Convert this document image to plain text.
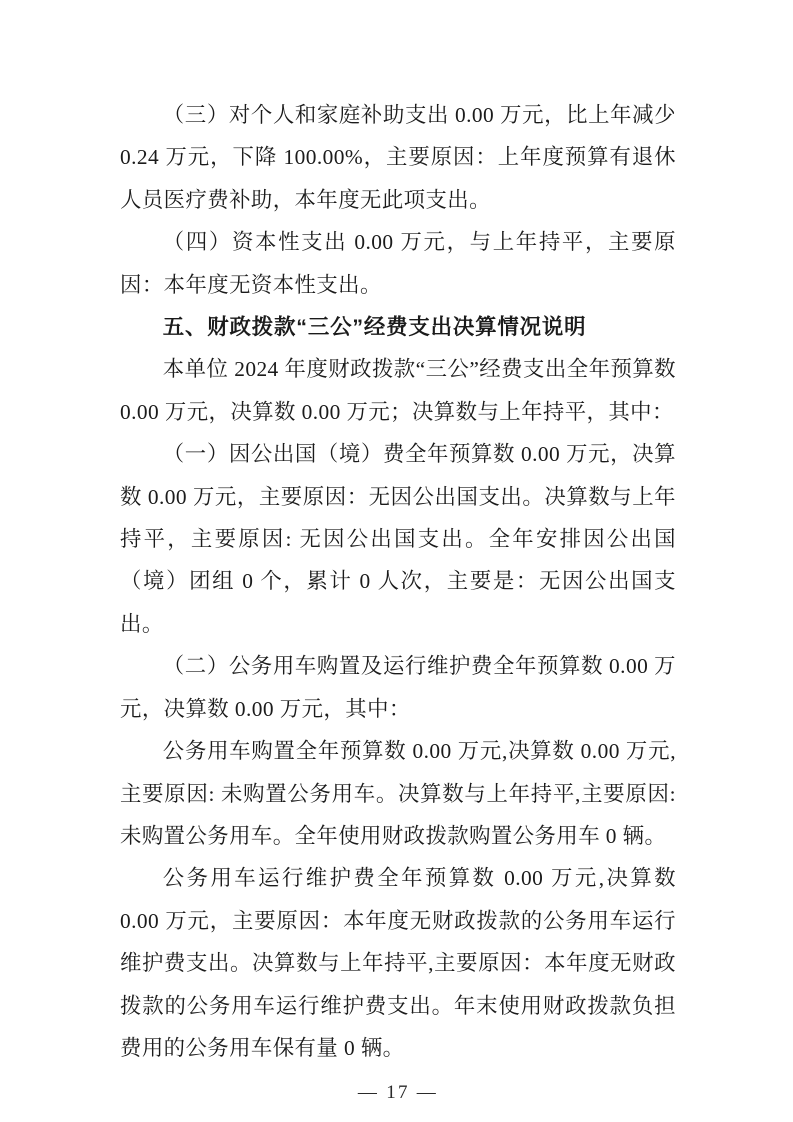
（三）对个人和家庭补助支出 0.00 万元，比上年减少 0.24 万元，下降 100.00%，主要原因：上年度预算有退休人员医疗费补助，本年度无此项支出。

（四）资本性支出 0.00 万元，与上年持平，主要原因：本年度无资本性支出。

五、财政拨款“三公”经费支出决算情况说明

本单位 2024 年度财政拨款“三公”经费支出全年预算数 0.00 万元，决算数 0.00 万元；决算数与上年持平，其中：

（一）因公出国（境）费全年预算数 0.00 万元，决算数 0.00 万元，主要原因：无因公出国支出。决算数与上年持平，主要原因: 无因公出国支出。全年安排因公出国（境）团组 0 个，累计 0 人次，主要是：无因公出国支出。

（二）公务用车购置及运行维护费全年预算数 0.00 万元，决算数 0.00 万元，其中：

公务用车购置全年预算数 0.00 万元,决算数 0.00 万元,主要原因: 未购置公务用车。决算数与上年持平,主要原因: 未购置公务用车。全年使用财政拨款购置公务用车 0 辆。

公务用车运行维护费全年预算数 0.00 万元,决算数 0.00 万元，主要原因：本年度无财政拨款的公务用车运行维护费支出。决算数与上年持平,主要原因：本年度无财政拨款的公务用车运行维护费支出。年末使用财政拨款负担费用的公务用车保有量 0 辆。

— 17 —
